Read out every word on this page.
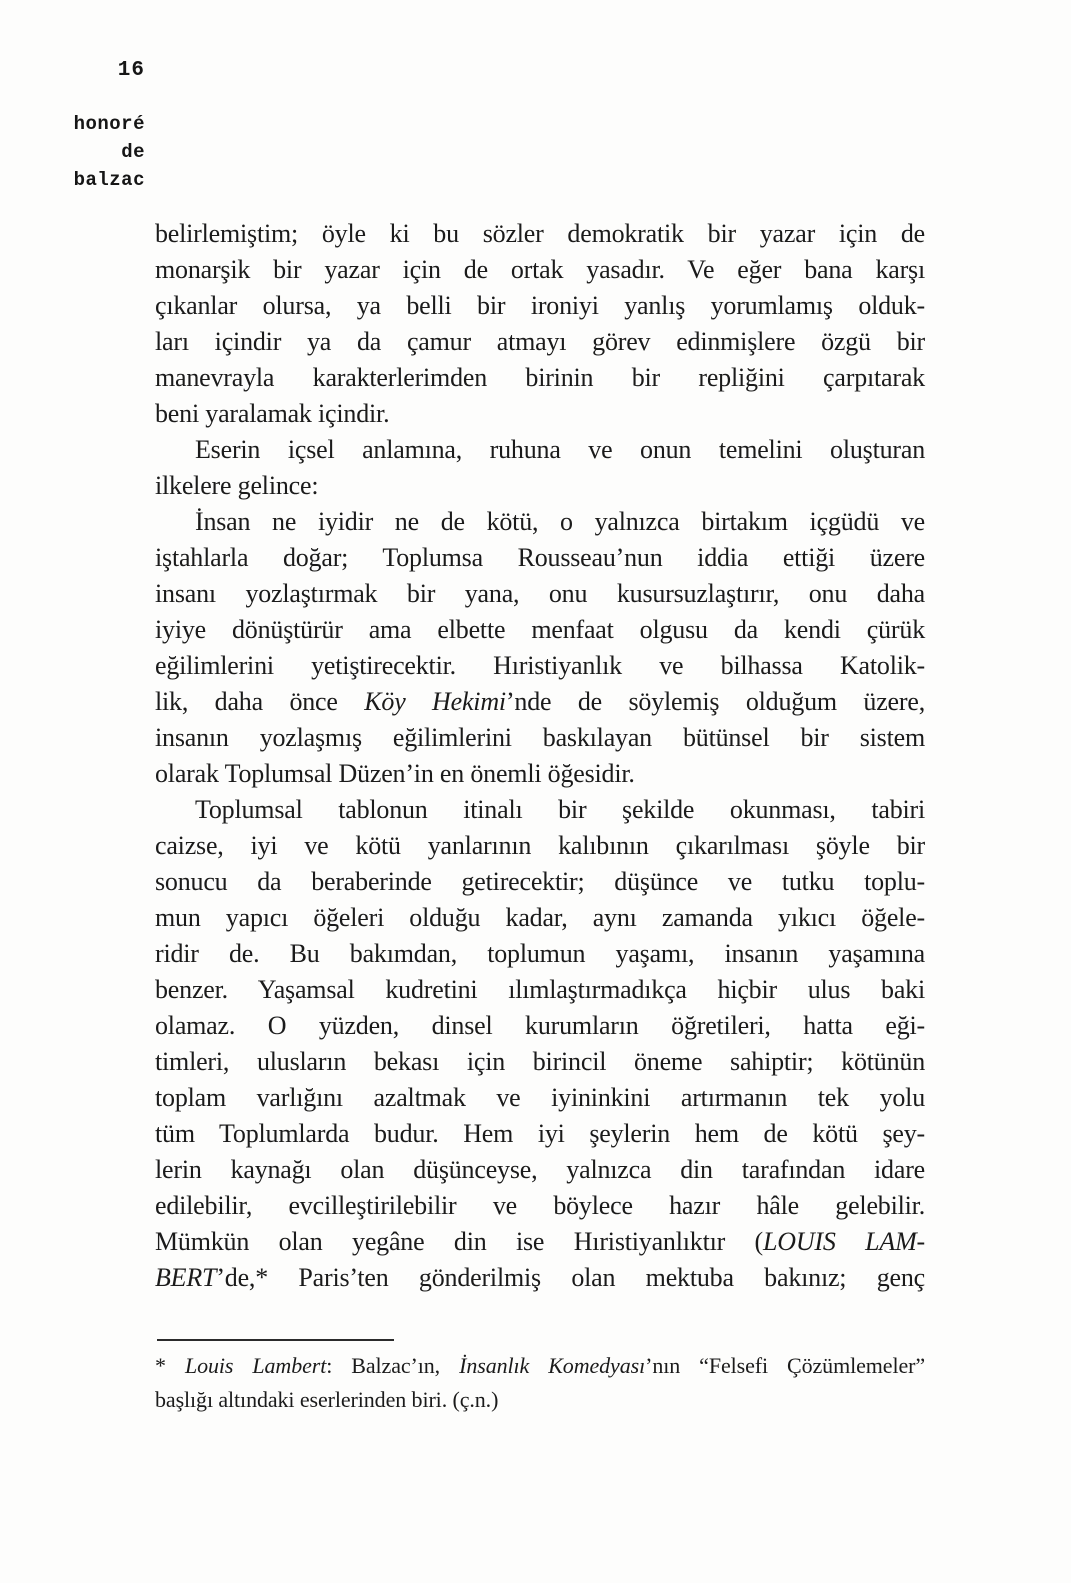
16
honoré
de
balzac
belirlemiştim; öyle ki bu sözler demokratik bir yazar için de
monarşik bir yazar için de ortak yasadır. Ve eğer bana karşı
çıkanlar olursa, ya belli bir ironiyi yanlış yorumlamış olduk-
ları içindir ya da çamur atmayı görev edinmişlere özgü bir
manevrayla karakterlerimden birinin bir repliğini çarpıtarak
beni yaralamak içindir.
Eserin içsel anlamına, ruhuna ve onun temelini oluşturan
ilkelere gelince:
İnsan ne iyidir ne de kötü, o yalnızca birtakım içgüdü ve
iştahlarla doğar; Toplumsa Rousseau’nun iddia ettiği üzere
insanı yozlaştırmak bir yana, onu kusursuzlaştırır, onu daha
iyiye dönüştürür ama elbette menfaat olgusu da kendi çürük
eğilimlerini yetiştirecektir. Hıristiyanlık ve bilhassa Katolik-
lik, daha önce Köy Hekimi’nde de söylemiş olduğum üzere,
insanın yozlaşmış eğilimlerini baskılayan bütünsel bir sistem
olarak Toplumsal Düzen’in en önemli öğesidir.
Toplumsal tablonun itinalı bir şekilde okunması, tabiri
caizse, iyi ve kötü yanlarının kalıbının çıkarılması şöyle bir
sonucu da beraberinde getirecektir; düşünce ve tutku toplu-
mun yapıcı öğeleri olduğu kadar, aynı zamanda yıkıcı öğele-
ridir de. Bu bakımdan, toplumun yaşamı, insanın yaşamına
benzer. Yaşamsal kudretini ılımlaştırmadıkça hiçbir ulus baki
olamaz. O yüzden, dinsel kurumların öğretileri, hatta eği-
timleri, ulusların bekası için birincil öneme sahiptir; kötünün
toplam varlığını azaltmak ve iyininkini artırmanın tek yolu
tüm Toplumlarda budur. Hem iyi şeylerin hem de kötü şey-
lerin kaynağı olan düşünceyse, yalnızca din tarafından idare
edilebilir, evcilleştirilebilir ve böylece hazır hâle gelebilir.
Mümkün olan yegâne din ise Hıristiyanlıktır (LOUIS LAM-
BERT’de,* Paris’ten gönderilmiş olan mektuba bakınız; genç
* Louis Lambert: Balzac’ın, İnsanlık Komedyası’nın “Felsefi Çözümlemeler”
başlığı altındaki eserlerinden biri. (ç.n.)
